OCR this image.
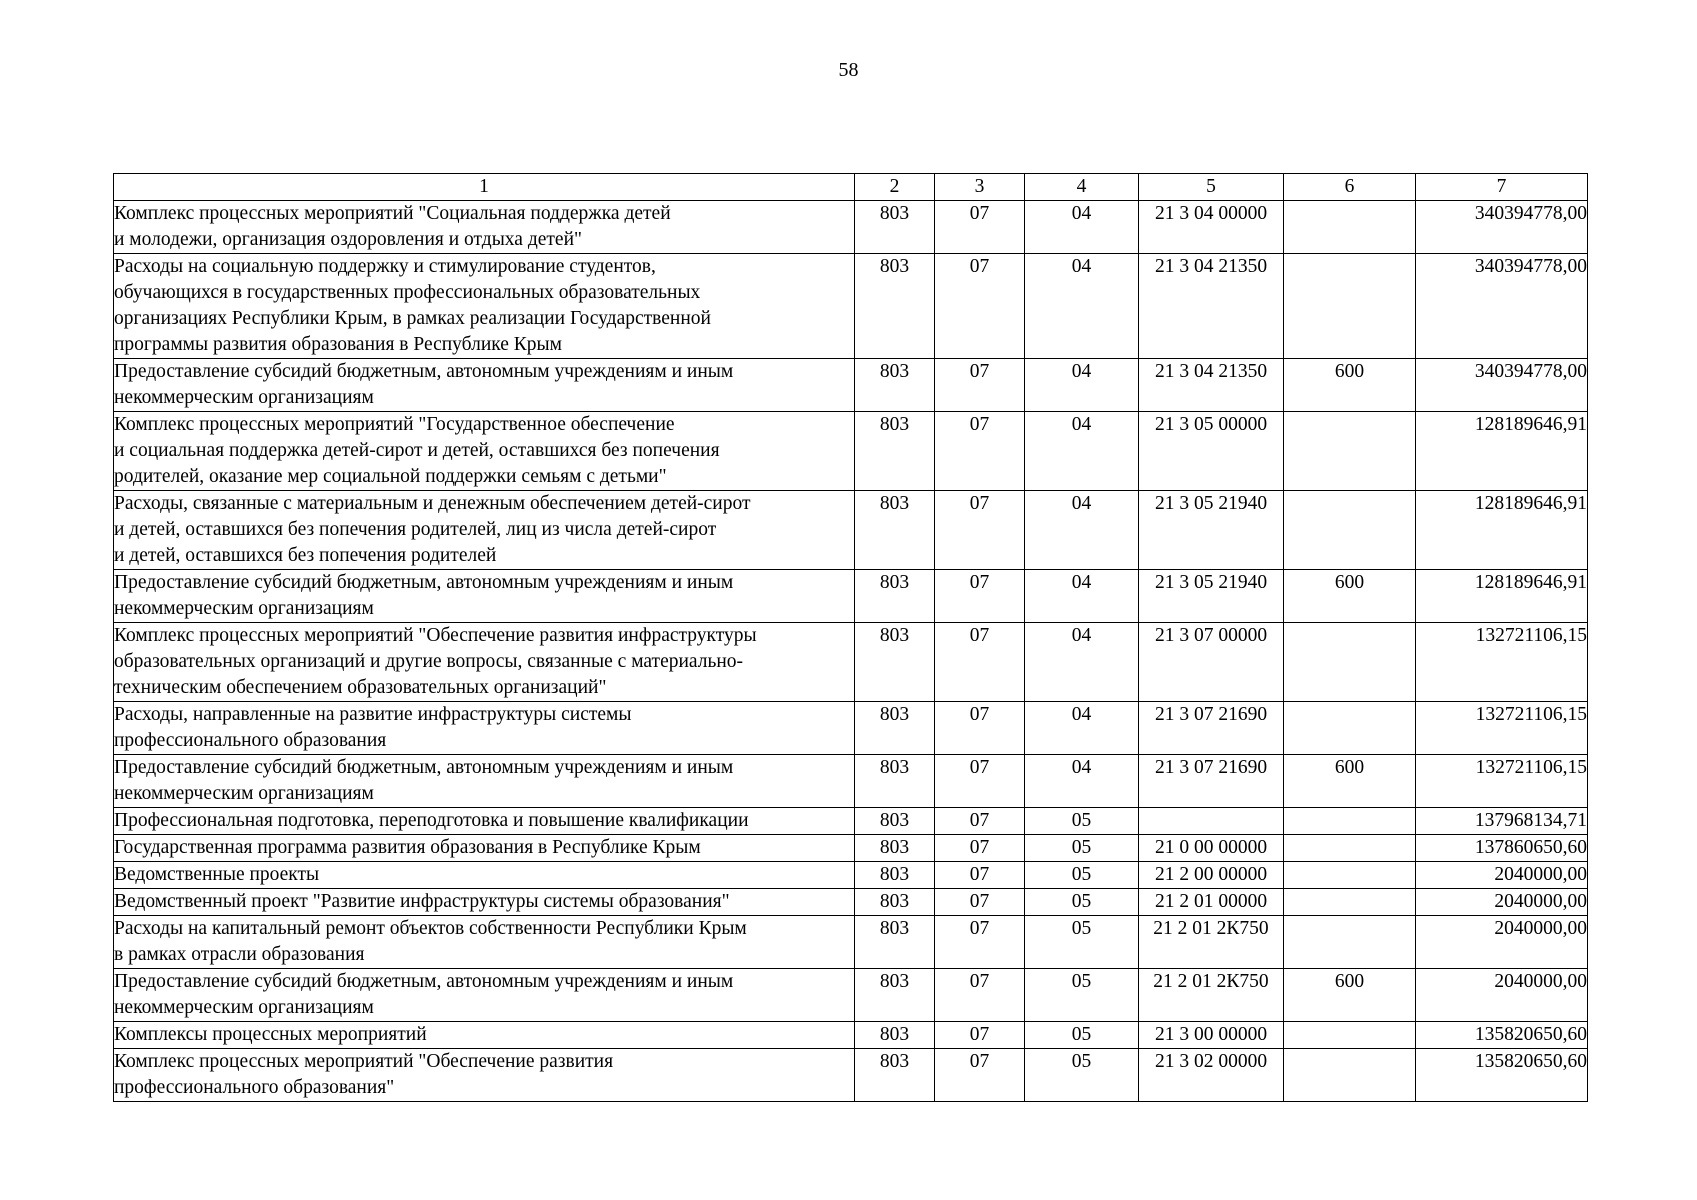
58
1	2	3	4	5	6	7
Комплекс процессных мероприятий "Социальная поддержка детей
и молодежи, организация оздоровления и отдыха детей"	803	07	04	21 3 04 00000		340394778,00
Расходы на социальную поддержку и стимулирование студентов,
обучающихся в государственных профессиональных образовательных
организациях Республики Крым, в рамках реализации Государственной
программы развития образования в Республике Крым	803	07	04	21 3 04 21350		340394778,00
Предоставление субсидий бюджетным, автономным учреждениям и иным
некоммерческим организациям	803	07	04	21 3 04 21350	600	340394778,00
Комплекс процессных мероприятий "Государственное обеспечение
и социальная поддержка детей-сирот и детей, оставшихся без попечения
родителей, оказание мер социальной поддержки семьям с детьми"	803	07	04	21 3 05 00000		128189646,91
Расходы, связанные с материальным и денежным обеспечением детей-сирот
и детей, оставшихся без попечения родителей, лиц из числа детей-сирот
и детей, оставшихся без попечения родителей	803	07	04	21 3 05 21940		128189646,91
Предоставление субсидий бюджетным, автономным учреждениям и иным
некоммерческим организациям	803	07	04	21 3 05 21940	600	128189646,91
Комплекс процессных мероприятий "Обеспечение развития инфраструктуры
образовательных организаций и другие вопросы, связанные с материально-
техническим обеспечением образовательных организаций"	803	07	04	21 3 07 00000		132721106,15
Расходы, направленные на развитие инфраструктуры системы
профессионального образования	803	07	04	21 3 07 21690		132721106,15
Предоставление субсидий бюджетным, автономным учреждениям и иным
некоммерческим организациям	803	07	04	21 3 07 21690	600	132721106,15
Профессиональная подготовка, переподготовка и повышение квалификации	803	07	05			137968134,71
Государственная программа развития образования в Республике Крым	803	07	05	21 0 00 00000		137860650,60
Ведомственные проекты	803	07	05	21 2 00 00000		2040000,00
Ведомственный проект "Развитие инфраструктуры системы образования"	803	07	05	21 2 01 00000		2040000,00
Расходы на капитальный ремонт объектов собственности Республики Крым
в рамках отрасли образования	803	07	05	21 2 01 2К750		2040000,00
Предоставление субсидий бюджетным, автономным учреждениям и иным
некоммерческим организациям	803	07	05	21 2 01 2К750	600	2040000,00
Комплексы процессных мероприятий	803	07	05	21 3 00 00000		135820650,60
Комплекс процессных мероприятий "Обеспечение развития
профессионального образования"	803	07	05	21 3 02 00000		135820650,60
